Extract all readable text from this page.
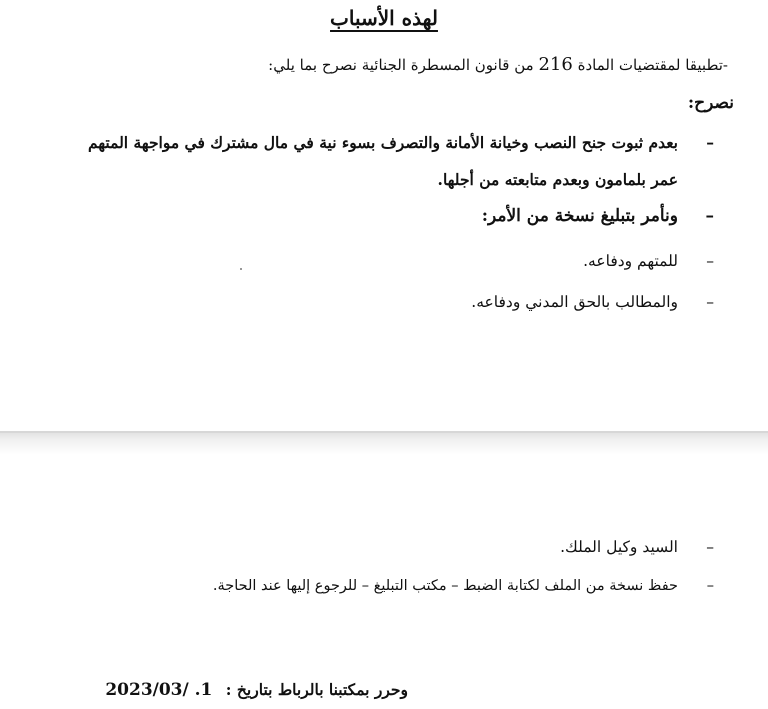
لهذه الأسباب
-تطبيقا لمقتضيات المادة 216 من قانون المسطرة الجنائية نصرح بما يلي:
نصرح:
–
بعدم ثبوت جنح النصب وخيانة الأمانة والتصرف بسوء نية في مال مشترك في مواجهة المتهم
عمر بلمامون وبعدم متابعته من أجلها.
–
ونأمر بتبليغ نسخة من الأمر:
–
للمتهم ودفاعه.
–
والمطالب بالحق المدني ودفاعه.
–
السيد وكيل الملك.
–
حفظ نسخة من الملف لكتابة الضبط – مكتب التبليغ – للرجوع إليها عند الحاجة.
وحرر بمكتبنا بالرباط بتاريخ : 2023/03/ .1
